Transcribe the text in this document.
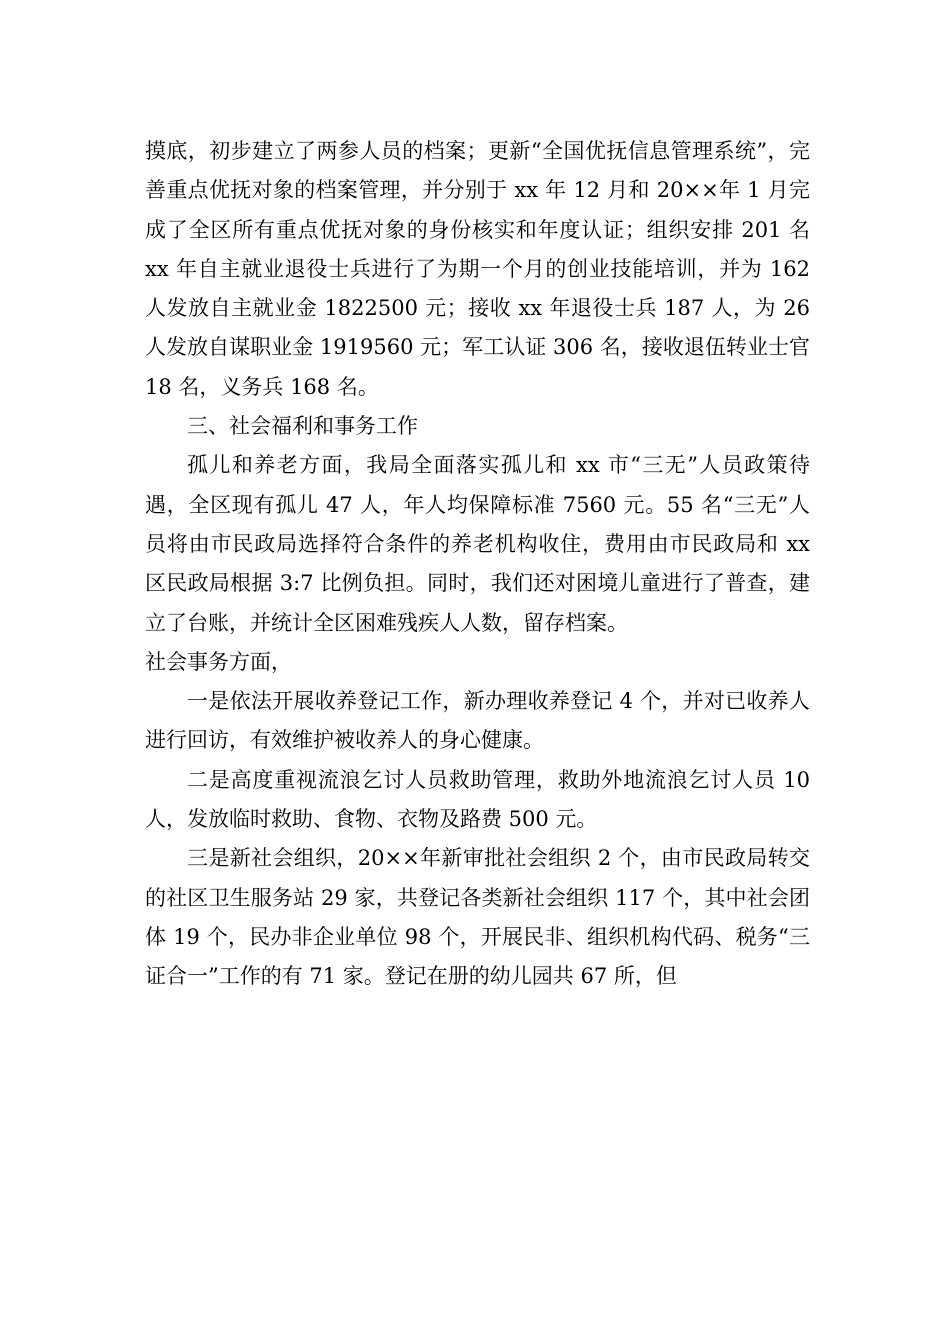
摸底，初步建立了两参人员的档案；更新“全国优抚信息管理系统”，完善重点优抚对象的档案管理，并分别于 xx 年 12 月和 20××年 1 月完成了全区所有重点优抚对象的身份核实和年度认证；组织安排 201 名 xx 年自主就业退役士兵进行了为期一个月的创业技能培训，并为 162 人发放自主就业金 1822500 元；接收 xx 年退役士兵 187 人，为 26 人发放自谋职业金 1919560 元；军工认证 306 名，接收退伍转业士官 18 名，义务兵 168 名。

三、社会福利和事务工作

孤儿和养老方面，我局全面落实孤儿和 xx 市“三无”人员政策待遇，全区现有孤儿 47 人，年人均保障标准 7560 元。55 名“三无”人员将由市民政局选择符合条件的养老机构收住，费用由市民政局和 xx 区民政局根据 3:7 比例负担。同时，我们还对困境儿童进行了普查，建立了台账，并统计全区困难残疾人人数，留存档案。

社会事务方面，

一是依法开展收养登记工作，新办理收养登记 4 个，并对已收养人进行回访，有效维护被收养人的身心健康。

二是高度重视流浪乞讨人员救助管理，救助外地流浪乞讨人员 10 人，发放临时救助、食物、衣物及路费 500 元。

三是新社会组织，20××年新审批社会组织 2 个，由市民政局转交的社区卫生服务站 29 家，共登记各类新社会组织 117 个，其中社会团体 19 个，民办非企业单位 98 个，开展民非、组织机构代码、税务“三证合一”工作的有 71 家。登记在册的幼儿园共 67 所，但
